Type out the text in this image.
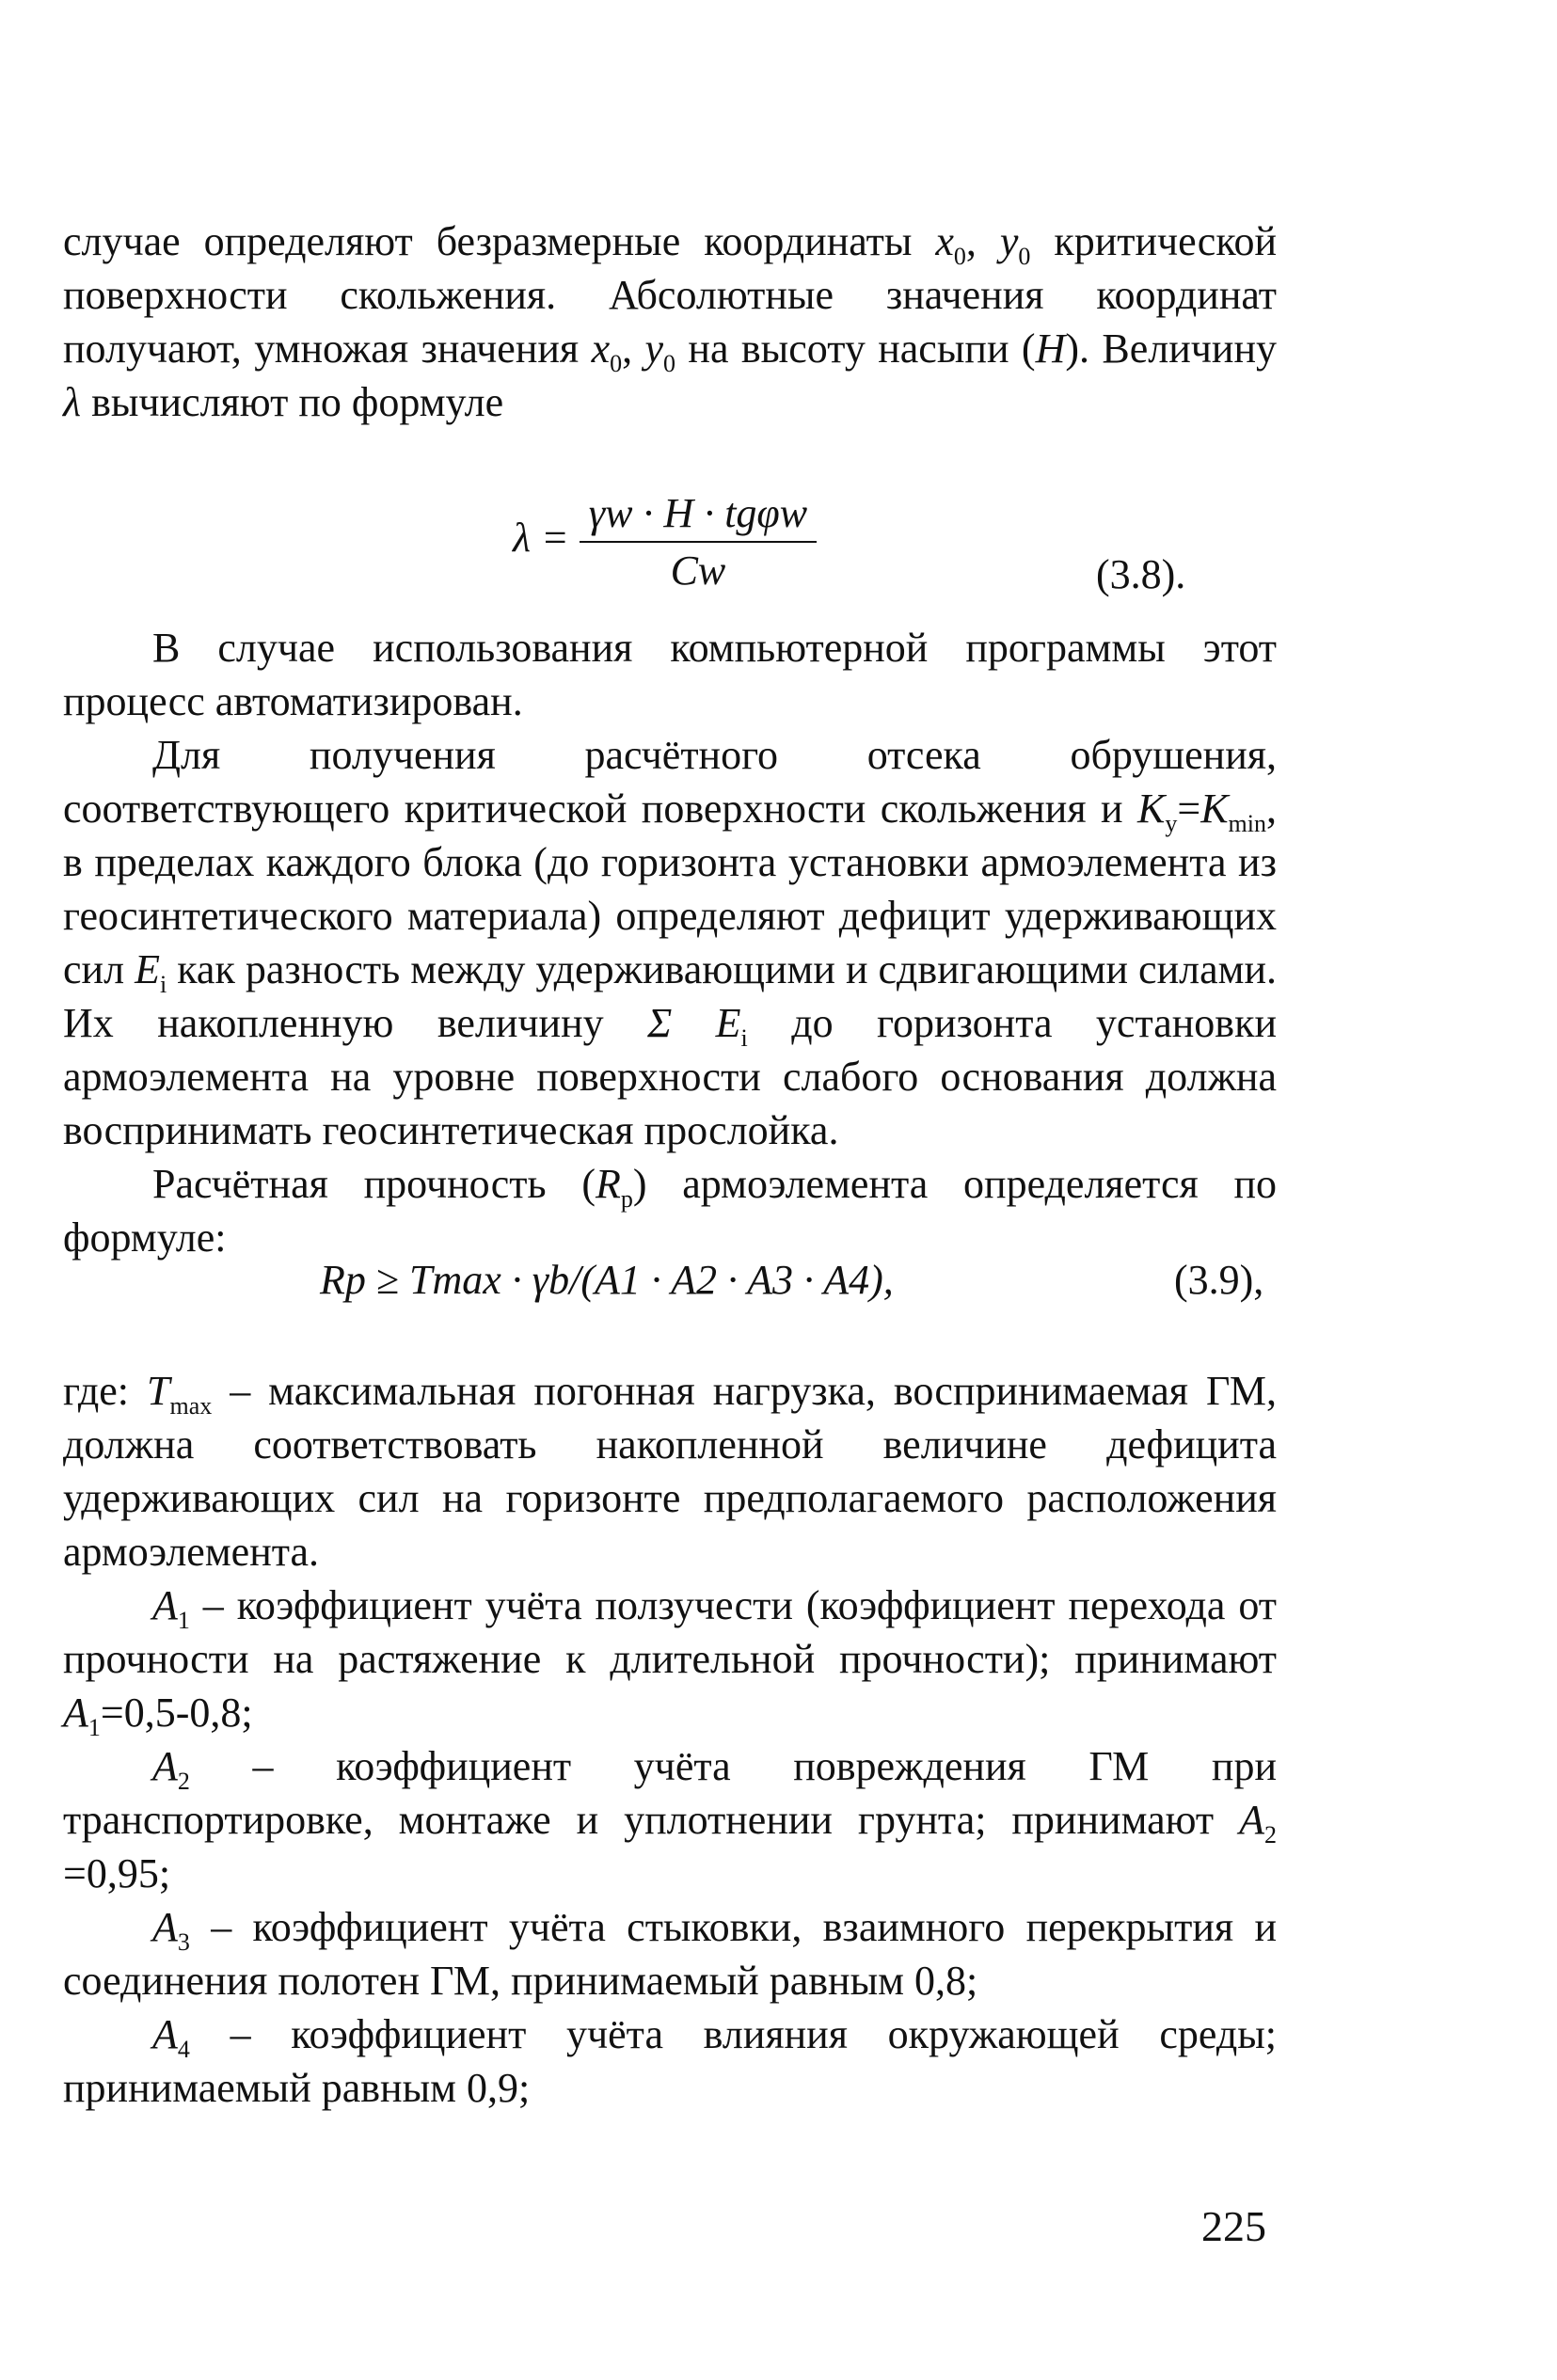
случае определяют безразмерные координаты $x_0$, $y_0$ критической поверхности скольжения. Абсолютные значения координат получают, умножая значения $x_0$, $y_0$ на высоту насыпи (H). Величину λ вычисляют по формуле

$\lambda = \frac{\text{γw · H · tgφw}}{Cw}$	(3.8).

В случае использования компьютерной программы этот процесс автоматизирован.

Для получения расчётного отсека обрушения, соответствующего критической поверхности скольжения и $K_y=K_{min}$, в пределах каждого блока (до горизонта установки армоэлемента из геосинтетического материала) определяют дефицит удерживающих сил $E_i$ как разность между удерживающими и сдвигающими силами. Их накопленную величину Σ $E_i$ до горизонта установки армоэлемента на уровне поверхности слабого основания должна воспринимать геосинтетическая прослойка.

Расчётная прочность $(R_p)$ армоэлемента определяется по формуле:

Rp ≥ Tmax · γb/(A1 · A2 · A3 · A4),	(3.9),

где: $T_{max}$ – максимальная погонная нагрузка, воспринимаемая ГМ, должна соответствовать накопленной величине дефицита удерживающих сил на горизонте предполагаемого расположения армоэлемента.

$A_1$ – коэффициент учёта ползучести (коэффициент перехода от прочности на растяжение к длительной прочности); принимают $A_1=0,5-0,8$;

$A_2$ – коэффициент учёта повреждения ГМ при транспортировке, монтаже и уплотнении грунта; принимают $A_2 =0,95$;

$A_3$ – коэффициент учёта стыковки, взаимного перекрытия и соединения полотен ГМ, принимаемый равным 0,8;

$A_4$ – коэффициент учёта влияния окружающей среды; принимаемый равным 0,9;

225
